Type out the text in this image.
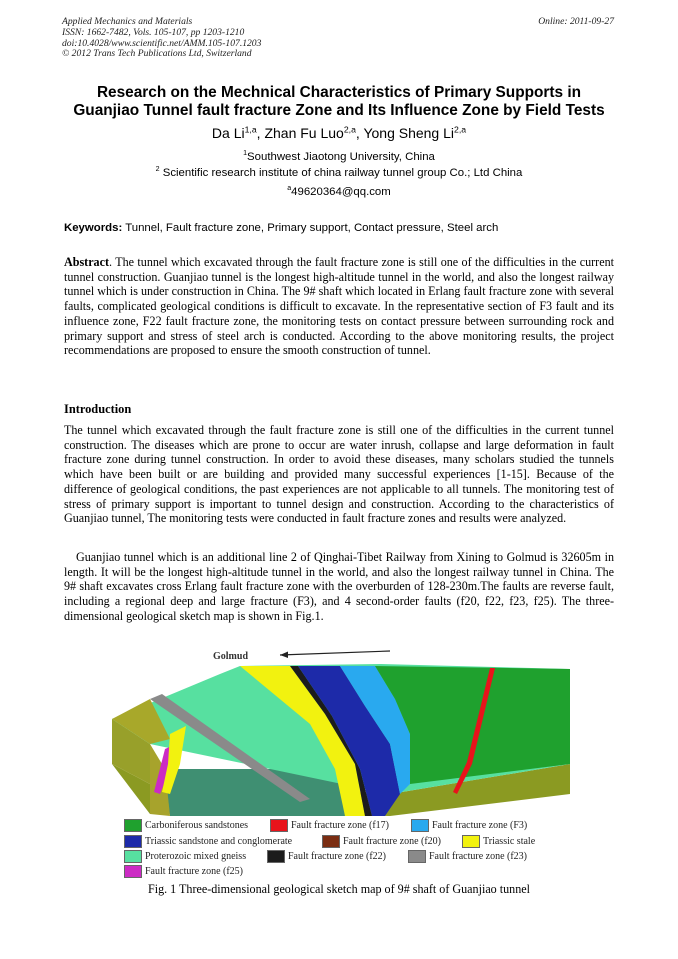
Applied Mechanics and Materials
ISSN: 1662-7482, Vols. 105-107, pp 1203-1210
doi:10.4028/www.scientific.net/AMM.105-107.1203
© 2012 Trans Tech Publications Ltd, Switzerland
Online: 2011-09-27
Research on the Mechnical Characteristics of Primary Supports in
Guanjiao Tunnel fault fracture Zone and Its Influence Zone by Field Tests
Da Li$^{1,a}$, Zhan Fu Luo$^{2,a}$, Yong Sheng Li$^{2,a}$
$^1$Southwest Jiaotong University, China
$^2$ Scientific research institute of china railway tunnel group Co.; Ltd China
$^a$49620364@qq.com
Keywords: Tunnel, Fault fracture zone, Primary support, Contact pressure, Steel arch

Abstract. The tunnel which excavated through the fault fracture zone is still one of the difficulties in the current tunnel construction. Guanjiao tunnel is the longest high-altitude tunnel in the world, and also the longest railway tunnel which is under construction in China. The 9# shaft which located in Erlang fault fracture zone with several faults, complicated geological conditions is difficult to excavate. In the representative section of F3 fault and its influence zone, F22 fault fracture zone, the monitoring tests on contact pressure between surrounding rock and primary support and stress of steel arch is conducted. According to the above monitoring results, the project recommendations are proposed to ensure the smooth construction of tunnel.

Introduction

The tunnel which excavated through the fault fracture zone is still one of the difficulties in the current tunnel construction. The diseases which are prone to occur are water inrush, collapse and large deformation in fault fracture zone during tunnel construction. In order to avoid these diseases, many scholars studied the tunnels which have been built or are building and provided many successful experiences [1-15]. Because of the difference of geological conditions, the past experiences are not applicable to all tunnels. The monitoring test of stress of primary support is important to tunnel design and construction. According to the characteristics of Guanjiao tunnel, The monitoring tests were conducted in fault fracture zones and results were analyzed.

Guanjiao tunnel which is an additional line 2 of Qinghai-Tibet Railway from Xining to Golmud is 32605m in length. It will be the longest high-altitude tunnel in the world, and also the longest railway tunnel in China. The 9# shaft excavates cross Erlang fault fracture zone with the overburden of 128-230m.The faults are reverse fault, including a regional deep and large fracture (F3), and 4 second-order faults (f20, f22, f23, f25). The three-dimensional geological sketch map is shown in Fig.1.

Golmud
Carboniferous sandstones	Fault fracture zone (f17)	Fault fracture zone (F3)
Triassic sandstone and conglomerate	Fault fracture zone (f20)	Triassic stale
Proterozoic mixed gneiss	Fault fracture zone (f22)	Fault fracture zone (f23)
Fault fracture zone (f25)
Fig. 1 Three-dimensional geological sketch map of 9# shaft of Guanjiao tunnel
